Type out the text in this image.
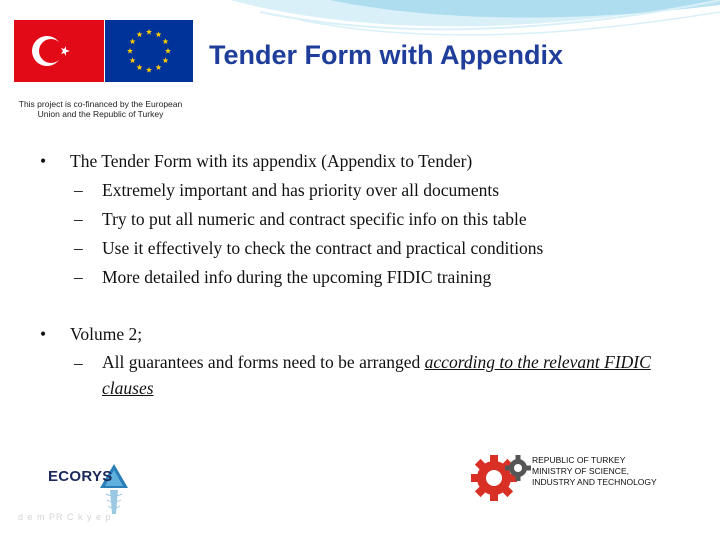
This project is co-financed by the European
Union and the Republic of Turkey
Tender Form with Appendix
•	The Tender Form with its appendix (Appendix to Tender)
–	Extremely important and has priority over all documents
–	Try to put all numeric and contract specific info on this table
–	Use it effectively to check the contract and practical conditions
–	More detailed info during the upcoming FIDIC training
•	Volume 2;
–	All guarantees and forms need to be arranged according to the relevant FIDIC clauses
ECORYS
d e m PR C k y e p
REPUBLIC OF TURKEY
MINISTRY OF SCIENCE,
INDUSTRY AND TECHNOLOGY
